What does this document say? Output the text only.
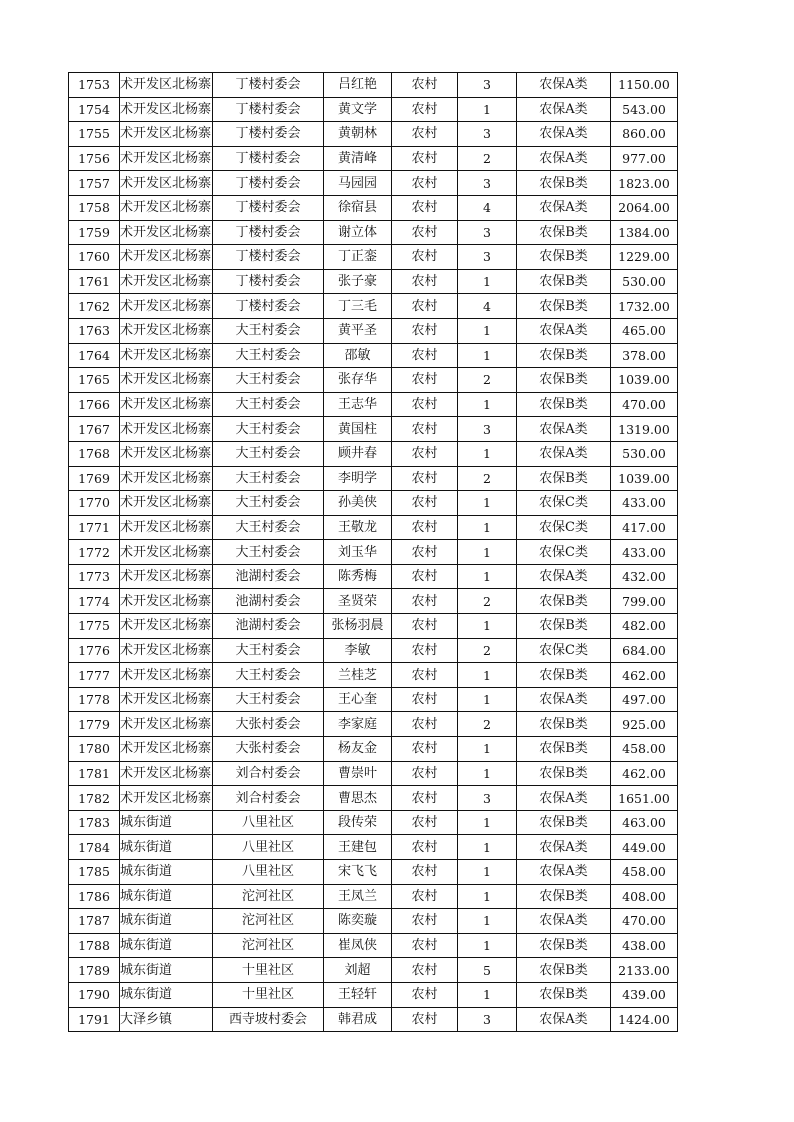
1753	术开发区北杨寨	丁楼村委会	吕红艳	农村	3	农保A类	1150.00
1754	术开发区北杨寨	丁楼村委会	黄文学	农村	1	农保A类	543.00
1755	术开发区北杨寨	丁楼村委会	黄朝林	农村	3	农保A类	860.00
1756	术开发区北杨寨	丁楼村委会	黄清峰	农村	2	农保A类	977.00
1757	术开发区北杨寨	丁楼村委会	马园园	农村	3	农保B类	1823.00
1758	术开发区北杨寨	丁楼村委会	徐宿县	农村	4	农保A类	2064.00
1759	术开发区北杨寨	丁楼村委会	谢立体	农村	3	农保B类	1384.00
1760	术开发区北杨寨	丁楼村委会	丁正銮	农村	3	农保B类	1229.00
1761	术开发区北杨寨	丁楼村委会	张子豪	农村	1	农保B类	530.00
1762	术开发区北杨寨	丁楼村委会	丁三毛	农村	4	农保B类	1732.00
1763	术开发区北杨寨	大王村委会	黄平圣	农村	1	农保A类	465.00
1764	术开发区北杨寨	大王村委会	邵敏	农村	1	农保B类	378.00
1765	术开发区北杨寨	大王村委会	张存华	农村	2	农保B类	1039.00
1766	术开发区北杨寨	大王村委会	王志华	农村	1	农保B类	470.00
1767	术开发区北杨寨	大王村委会	黄国柱	农村	3	农保A类	1319.00
1768	术开发区北杨寨	大王村委会	顾井春	农村	1	农保A类	530.00
1769	术开发区北杨寨	大王村委会	李明学	农村	2	农保B类	1039.00
1770	术开发区北杨寨	大王村委会	孙美侠	农村	1	农保C类	433.00
1771	术开发区北杨寨	大王村委会	王敬龙	农村	1	农保C类	417.00
1772	术开发区北杨寨	大王村委会	刘玉华	农村	1	农保C类	433.00
1773	术开发区北杨寨	池湖村委会	陈秀梅	农村	1	农保A类	432.00
1774	术开发区北杨寨	池湖村委会	圣贤荣	农村	2	农保B类	799.00
1775	术开发区北杨寨	池湖村委会	张杨羽晨	农村	1	农保B类	482.00
1776	术开发区北杨寨	大王村委会	李敏	农村	2	农保C类	684.00
1777	术开发区北杨寨	大王村委会	兰桂芝	农村	1	农保B类	462.00
1778	术开发区北杨寨	大王村委会	王心奎	农村	1	农保A类	497.00
1779	术开发区北杨寨	大张村委会	李家庭	农村	2	农保B类	925.00
1780	术开发区北杨寨	大张村委会	杨友金	农村	1	农保B类	458.00
1781	术开发区北杨寨	刘合村委会	曹崇叶	农村	1	农保B类	462.00
1782	术开发区北杨寨	刘合村委会	曹思杰	农村	3	农保A类	1651.00
1783	城东街道	八里社区	段传荣	农村	1	农保B类	463.00
1784	城东街道	八里社区	王建包	农村	1	农保A类	449.00
1785	城东街道	八里社区	宋飞飞	农村	1	农保A类	458.00
1786	城东街道	沱河社区	王凤兰	农村	1	农保B类	408.00
1787	城东街道	沱河社区	陈奕璇	农村	1	农保A类	470.00
1788	城东街道	沱河社区	崔凤侠	农村	1	农保B类	438.00
1789	城东街道	十里社区	刘超	农村	5	农保B类	2133.00
1790	城东街道	十里社区	王轻轩	农村	1	农保B类	439.00
1791	大泽乡镇	西寺坡村委会	韩君成	农村	3	农保A类	1424.00
